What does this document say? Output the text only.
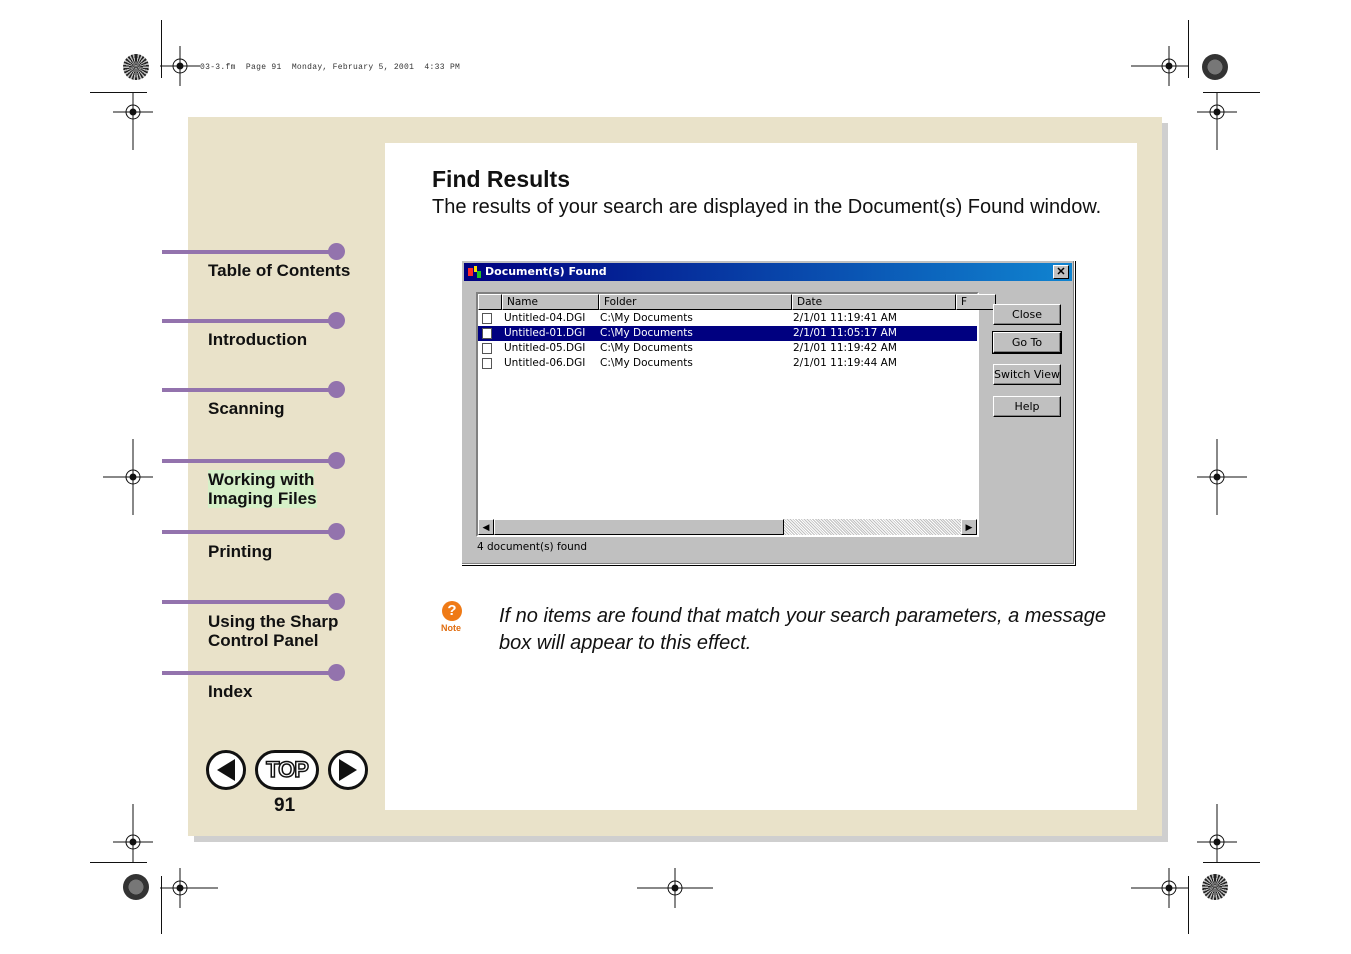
03-3.fm  Page 91  Monday, February 5, 2001  4:33 PM
Table of Contents
Introduction
Scanning
Working with
Imaging Files
Printing
Using the Sharp
Control Panel
Index
TOP
91
Find Results
The results of your search are displayed in the Document(s) Found window.
Document(s) Found	✕
Name	Folder	Date	F
Untitled-04.DGI C:\My Documents	2/1/01 11:19:41 AM
Untitled-01.DGI C:\My Documents	2/1/01 11:05:17 AM
Untitled-05.DGI C:\My Documents	2/1/01 11:19:42 AM
Untitled-06.DGI C:\My Documents	2/1/01 11:19:44 AM
◀	▶
Close
Go To
Switch View
Help
4 document(s) found
?
Note
If no items are found that match your search parameters, a message box will appear to this effect.
